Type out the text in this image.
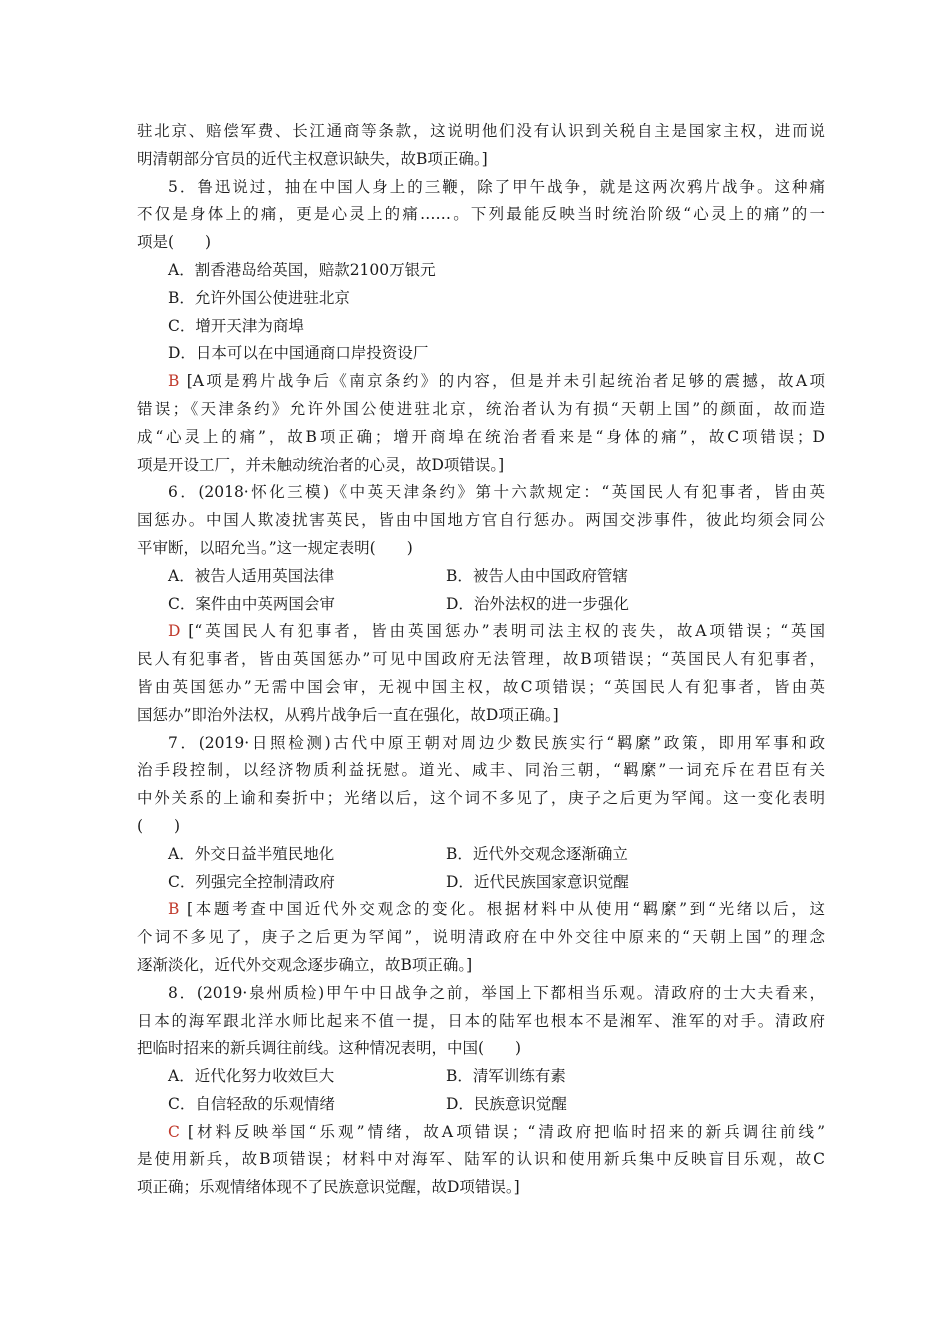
驻北京、赔偿军费、长江通商等条款，这说明他们没有认识到关税自主是国家主权，进而说
明清朝部分官员的近代主权意识缺失，故B项正确。]
5．鲁迅说过，抽在中国人身上的三鞭，除了甲午战争，就是这两次鸦片战争。这种痛
不仅是身体上的痛，更是心灵上的痛……。下列最能反映当时统治阶级“心灵上的痛”的一
项是(　　)
A．割香港岛给英国，赔款2100万银元
B．允许外国公使进驻北京
C．增开天津为商埠
D．日本可以在中国通商口岸投资设厂
B [A项是鸦片战争后《南京条约》的内容，但是并未引起统治者足够的震撼，故A项
错误；《天津条约》允许外国公使进驻北京，统治者认为有损“天朝上国”的颜面，故而造
成“心灵上的痛”，故B项正确；增开商埠在统治者看来是“身体的痛”，故C项错误；D
项是开设工厂，并未触动统治者的心灵，故D项错误。]
6．(2018·怀化三模)《中英天津条约》第十六款规定：“英国民人有犯事者，皆由英
国惩办。中国人欺凌扰害英民，皆由中国地方官自行惩办。两国交涉事件，彼此均须会同公
平审断，以昭允当。”这一规定表明(　　)
A．被告人适用英国法律	B．被告人由中国政府管辖
C．案件由中英两国会审	D．治外法权的进一步强化
D [“英国民人有犯事者，皆由英国惩办”表明司法主权的丧失，故A项错误；“英国
民人有犯事者，皆由英国惩办”可见中国政府无法管理，故B项错误；“英国民人有犯事者，
皆由英国惩办”无需中国会审，无视中国主权，故C项错误；“英国民人有犯事者，皆由英
国惩办”即治外法权，从鸦片战争后一直在强化，故D项正确。]
7．(2019·日照检测)古代中原王朝对周边少数民族实行“羁縻”政策，即用军事和政
治手段控制，以经济物质利益抚慰。道光、咸丰、同治三朝，“羁縻”一词充斥在君臣有关
中外关系的上谕和奏折中；光绪以后，这个词不多见了，庚子之后更为罕闻。这一变化表明
(　　)
A．外交日益半殖民地化	B．近代外交观念逐渐确立
C．列强完全控制清政府	D．近代民族国家意识觉醒
B [本题考查中国近代外交观念的变化。根据材料中从使用“羁縻”到“光绪以后，这
个词不多见了，庚子之后更为罕闻”，说明清政府在中外交往中原来的“天朝上国”的理念
逐渐淡化，近代外交观念逐步确立，故B项正确。]
8．(2019·泉州质检)甲午中日战争之前，举国上下都相当乐观。清政府的士大夫看来，
日本的海军跟北洋水师比起来不值一提，日本的陆军也根本不是湘军、淮军的对手。清政府
把临时招来的新兵调往前线。这种情况表明，中国(　　)
A．近代化努力收效巨大	B．清军训练有素
C．自信轻敌的乐观情绪	D．民族意识觉醒
C [材料反映举国“乐观”情绪，故A项错误；“清政府把临时招来的新兵调往前线”
是使用新兵，故B项错误；材料中对海军、陆军的认识和使用新兵集中反映盲目乐观，故C
项正确；乐观情绪体现不了民族意识觉醒，故D项错误。]
